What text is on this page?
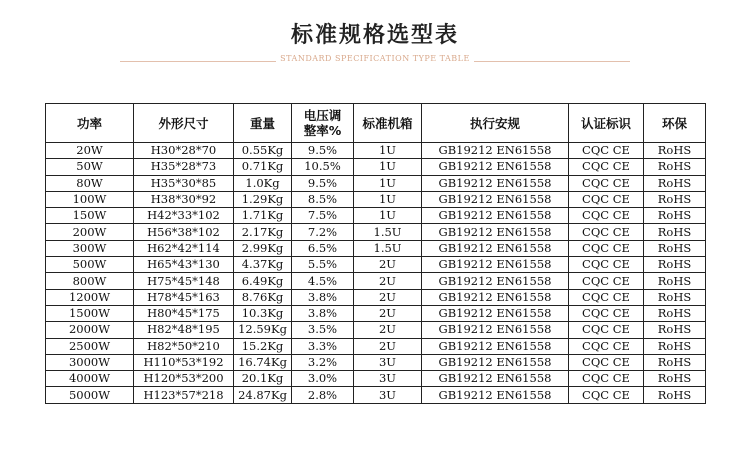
标准规格选型表
STANDARD SPECIFICATION TYPE TABLE
功率	外形尺寸	重量	电压调整率%	标准机箱	执行安规	认证标识	环保
20W	H30*28*70	0.55Kg	9.5%	1U	GB19212 EN61558	CQC CE	RoHS
50W	H35*28*73	0.71Kg	10.5%	1U	GB19212 EN61558	CQC CE	RoHS
80W	H35*30*85	1.0Kg	9.5%	1U	GB19212 EN61558	CQC CE	RoHS
100W	H38*30*92	1.29Kg	8.5%	1U	GB19212 EN61558	CQC CE	RoHS
150W	H42*33*102	1.71Kg	7.5%	1U	GB19212 EN61558	CQC CE	RoHS
200W	H56*38*102	2.17Kg	7.2%	1.5U	GB19212 EN61558	CQC CE	RoHS
300W	H62*42*114	2.99Kg	6.5%	1.5U	GB19212 EN61558	CQC CE	RoHS
500W	H65*43*130	4.37Kg	5.5%	2U	GB19212 EN61558	CQC CE	RoHS
800W	H75*45*148	6.49Kg	4.5%	2U	GB19212 EN61558	CQC CE	RoHS
1200W	H78*45*163	8.76Kg	3.8%	2U	GB19212 EN61558	CQC CE	RoHS
1500W	H80*45*175	10.3Kg	3.8%	2U	GB19212 EN61558	CQC CE	RoHS
2000W	H82*48*195	12.59Kg	3.5%	2U	GB19212 EN61558	CQC CE	RoHS
2500W	H82*50*210	15.2Kg	3.3%	2U	GB19212 EN61558	CQC CE	RoHS
3000W	H110*53*192	16.74Kg	3.2%	3U	GB19212 EN61558	CQC CE	RoHS
4000W	H120*53*200	20.1Kg	3.0%	3U	GB19212 EN61558	CQC CE	RoHS
5000W	H123*57*218	24.87Kg	2.8%	3U	GB19212 EN61558	CQC CE	RoHS
